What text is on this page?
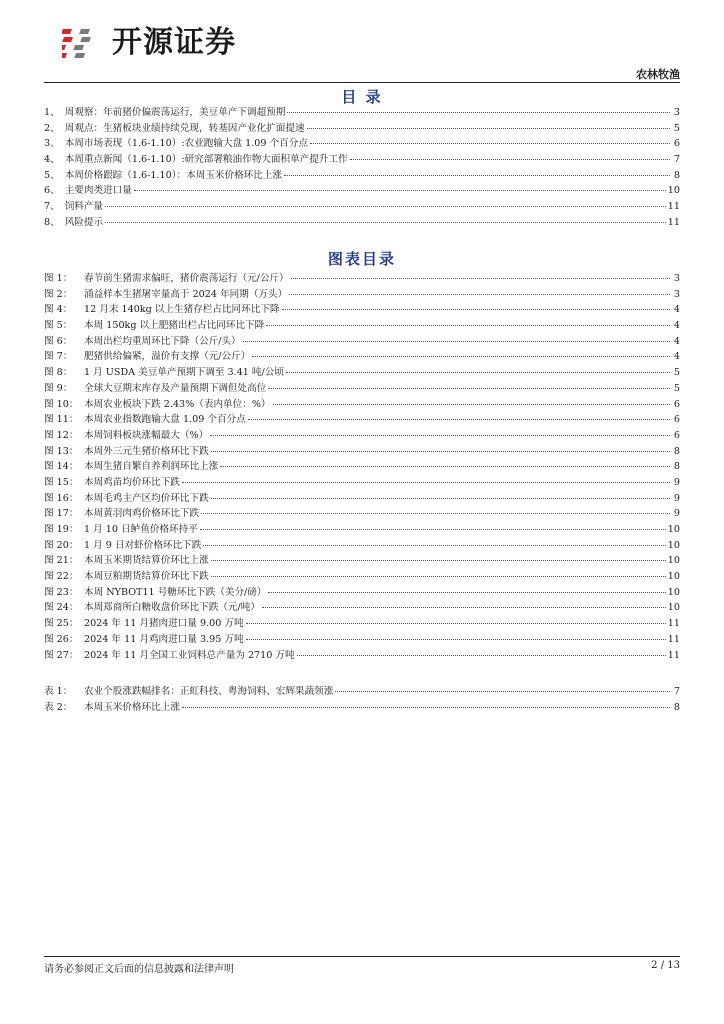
开源证券
农林牧渔
目 录
1、 周观察：年前猪价偏震荡运行，美豆单产下调超预期	3
2、 周观点：生猪板块业绩持续兑现，转基因产业化扩面提速	5
3、 本周市场表现（1.6-1.10）:农业跑输大盘 1.09 个百分点	6
4、 本周重点新闻（1.6-1.10）:研究部署粮油作物大面积单产提升工作	7
5、 本周价格跟踪（1.6-1.10）：本周玉米价格环比上涨	8
6、 主要肉类进口量	10
7、 饲料产量	11
8、 风险提示	11
图表目录
图 1：	春节前生猪需求偏旺，猪价震荡运行（元/公斤）	3
图 2：	涌益样本生猪屠宰量高于 2024 年同期（万头）	3
图 4：	12 月末 140kg 以上生猪存栏占比同环比下降	4
图 5：	本周 150kg 以上肥猪出栏占比同环比下降	4
图 6：	本周出栏均重周环比下降（公斤/头）	4
图 7：	肥猪供给偏紧，溢价有支撑（元/公斤）	4
图 8：	1 月 USDA 美豆单产预期下调至 3.41 吨/公顷	5
图 9：	全球大豆期末库存及产量预期下调但处高位	5
图 10： 本周农业板块下跌 2.43%（表内单位：%）	6
图 11： 本周农业指数跑输大盘 1.09 个百分点	6
图 12： 本周饲料板块涨幅最大（%）	6
图 13： 本周外三元生猪价格环比下跌	8
图 14： 本周生猪自繁自养利润环比上涨	8
图 15： 本周鸡苗均价环比下跌	9
图 16： 本周毛鸡主产区均价环比下跌	9
图 17： 本周黄羽肉鸡价格环比下跌	9
图 19： 1 月 10 日鲈鱼价格环持平	10
图 20： 1 月 9 日对虾价格环比下跌	10
图 21： 本周玉米期货结算价环比上涨	10
图 22： 本周豆粕期货结算价环比下跌	10
图 23： 本周 NYBOT11 号糖环比下跌（美分/磅）	10
图 24： 本周郑商所白糖收盘价环比下跌（元/吨）	10
图 25： 2024 年 11 月猪肉进口量 9.00 万吨	11
图 26： 2024 年 11 月鸡肉进口量 3.95 万吨	11
图 27： 2024 年 11 月全国工业饲料总产量为 2710 万吨	11
表 1：	农业个股涨跌幅排名：正虹科技、粤海饲料、宏辉果蔬领涨	7
表 2：	本周玉米价格环比上涨	8
请务必参阅正文后面的信息披露和法律声明	2 / 13
